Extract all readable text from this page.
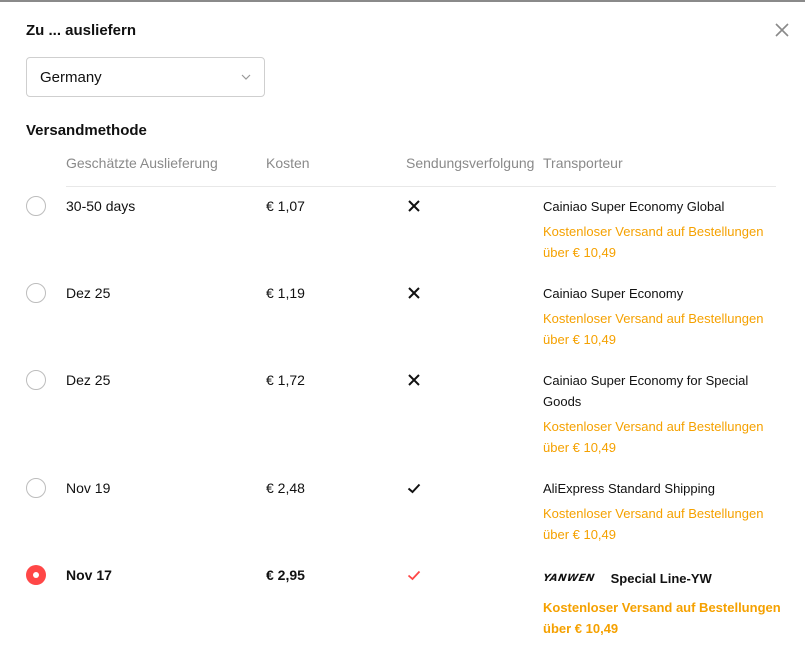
Zu ... ausliefern
Germany
Versandmethode
Geschätzte Auslieferung	Kosten	Sendungsverfolgung Transporteur
30-50 days	€ 1,07	Cainiao Super Economy Global
Kostenloser Versand auf Bestellungen
über € 10,49
Dez 25	€ 1,19	Cainiao Super Economy
Kostenloser Versand auf Bestellungen
über € 10,49
Dez 25	€ 1,72	Cainiao Super Economy for Special
Goods
Kostenloser Versand auf Bestellungen
über € 10,49
Nov 19	€ 2,48	AliExpress Standard Shipping
Kostenloser Versand auf Bestellungen
über € 10,49
Nov 17	€ 2,95	YANWEN Special Line-YW
Kostenloser Versand auf Bestellungen
über € 10,49
